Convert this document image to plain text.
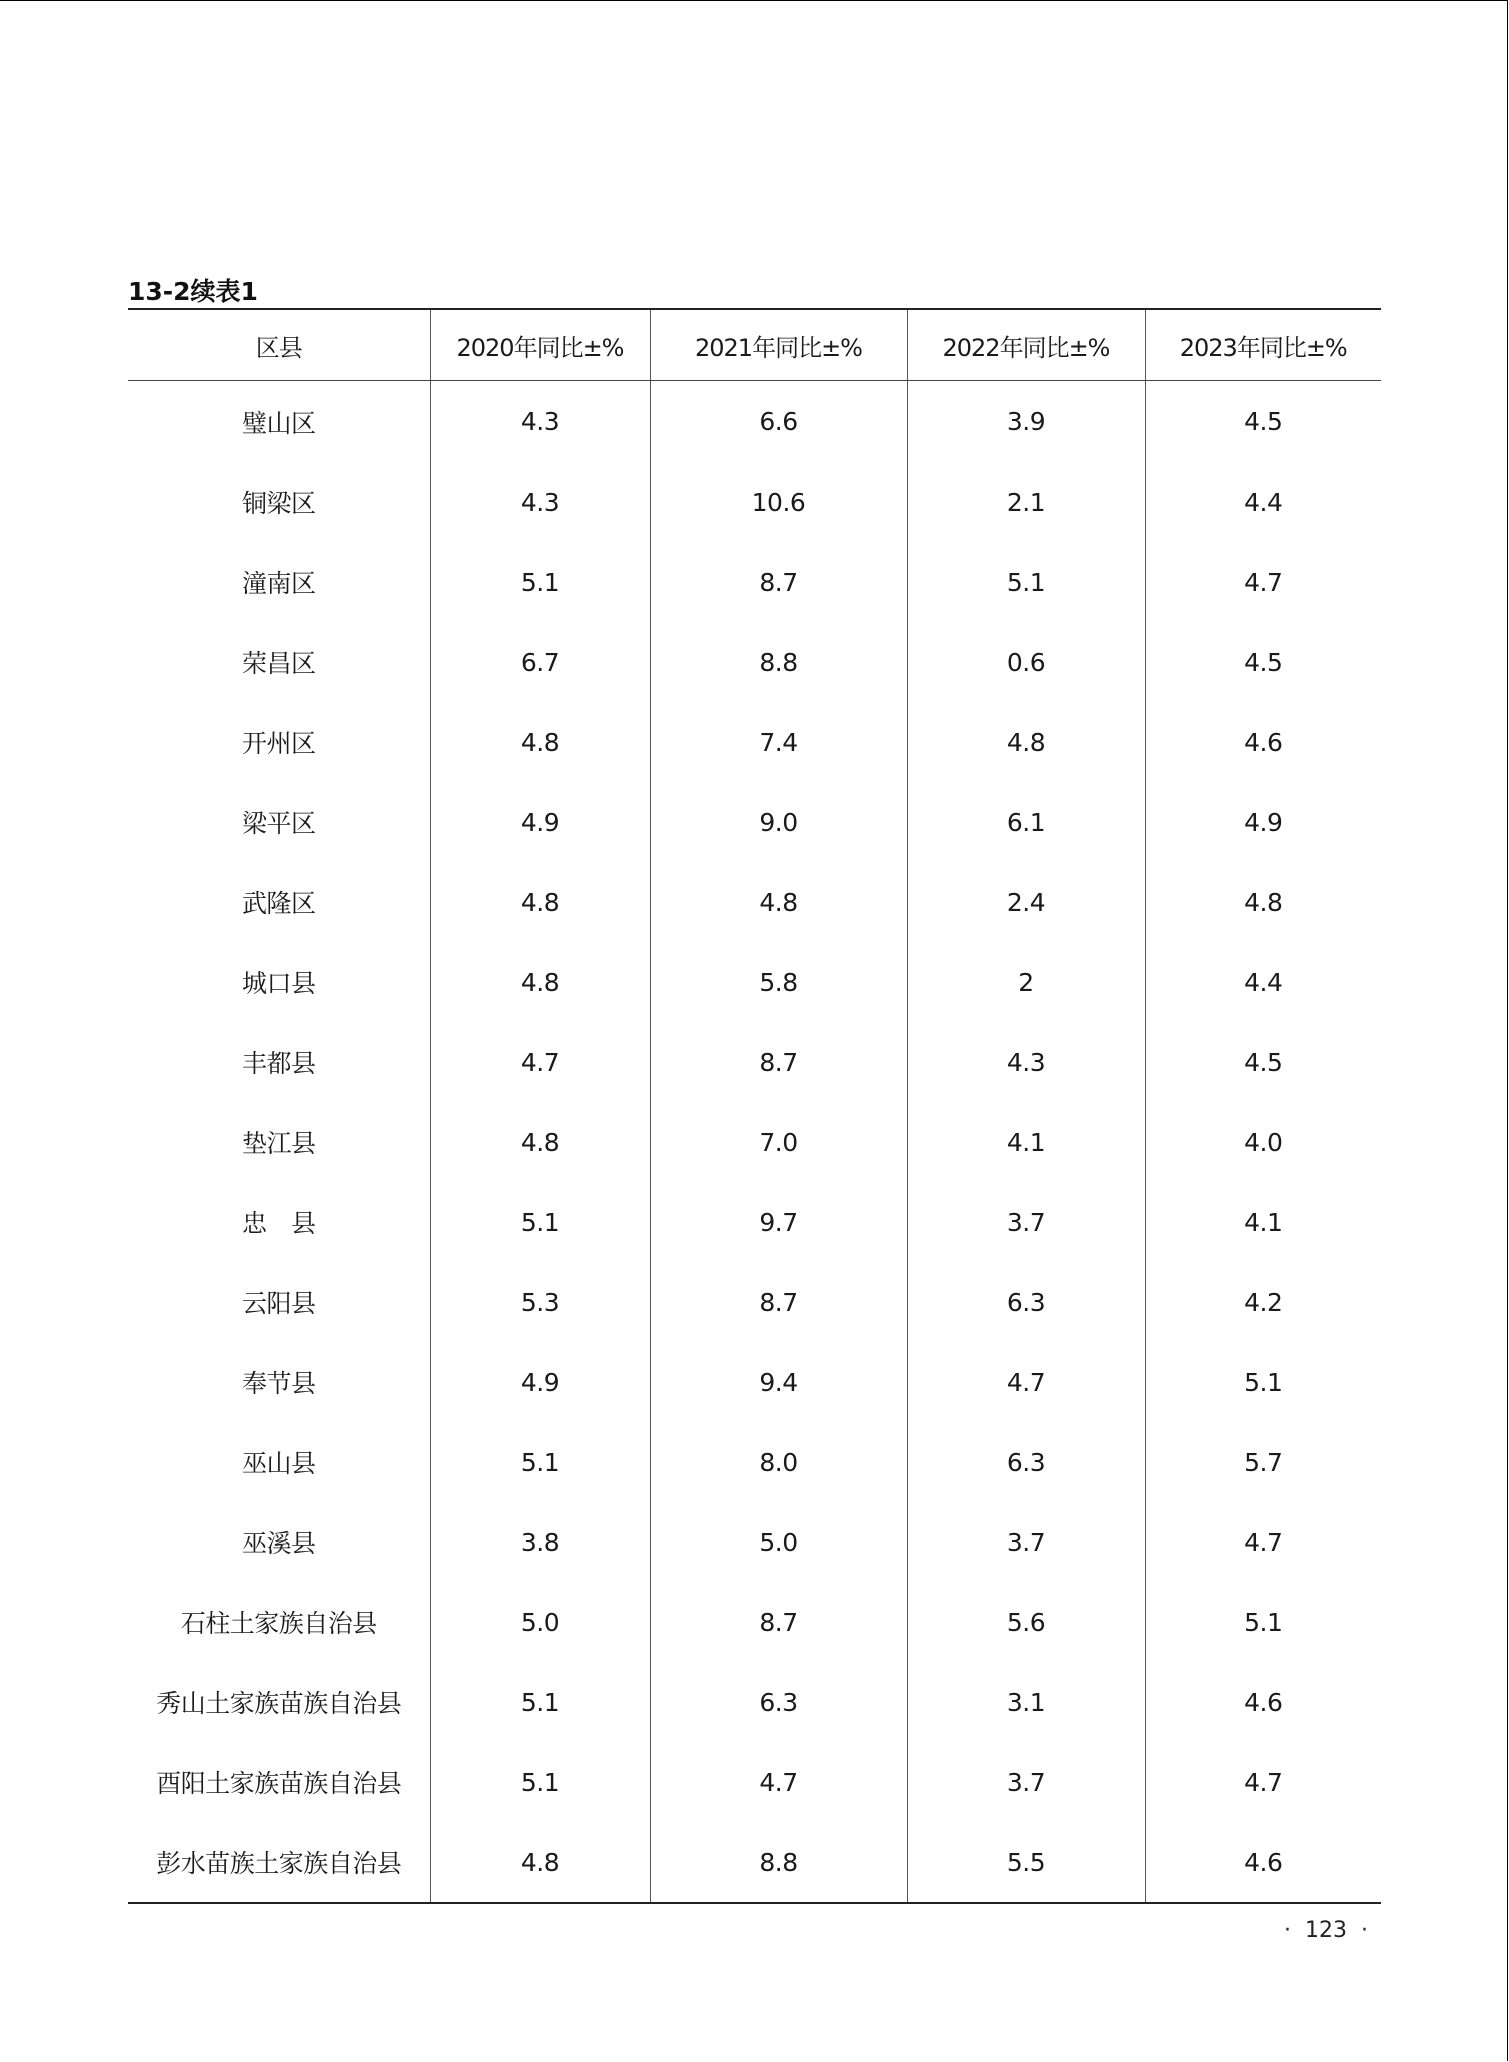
13-2续表1
区县	2020年同比±%	2021年同比±%	2022年同比±%	2023年同比±%
璧山区	4.3	6.6	3.9	4.5
铜梁区	4.3	10.6	2.1	4.4
潼南区	5.1	8.7	5.1	4.7
荣昌区	6.7	8.8	0.6	4.5
开州区	4.8	7.4	4.8	4.6
梁平区	4.9	9.0	6.1	4.9
武隆区	4.8	4.8	2.4	4.8
城口县	4.8	5.8	2	4.4
丰都县	4.7	8.7	4.3	4.5
垫江县	4.8	7.0	4.1	4.0
忠　县	5.1	9.7	3.7	4.1
云阳县	5.3	8.7	6.3	4.2
奉节县	4.9	9.4	4.7	5.1
巫山县	5.1	8.0	6.3	5.7
巫溪县	3.8	5.0	3.7	4.7
石柱土家族自治县	5.0	8.7	5.6	5.1
秀山土家族苗族自治县	5.1	6.3	3.1	4.6
酉阳土家族苗族自治县	5.1	4.7	3.7	4.7
彭水苗族土家族自治县	4.8	8.8	5.5	4.6
· 123 ·
